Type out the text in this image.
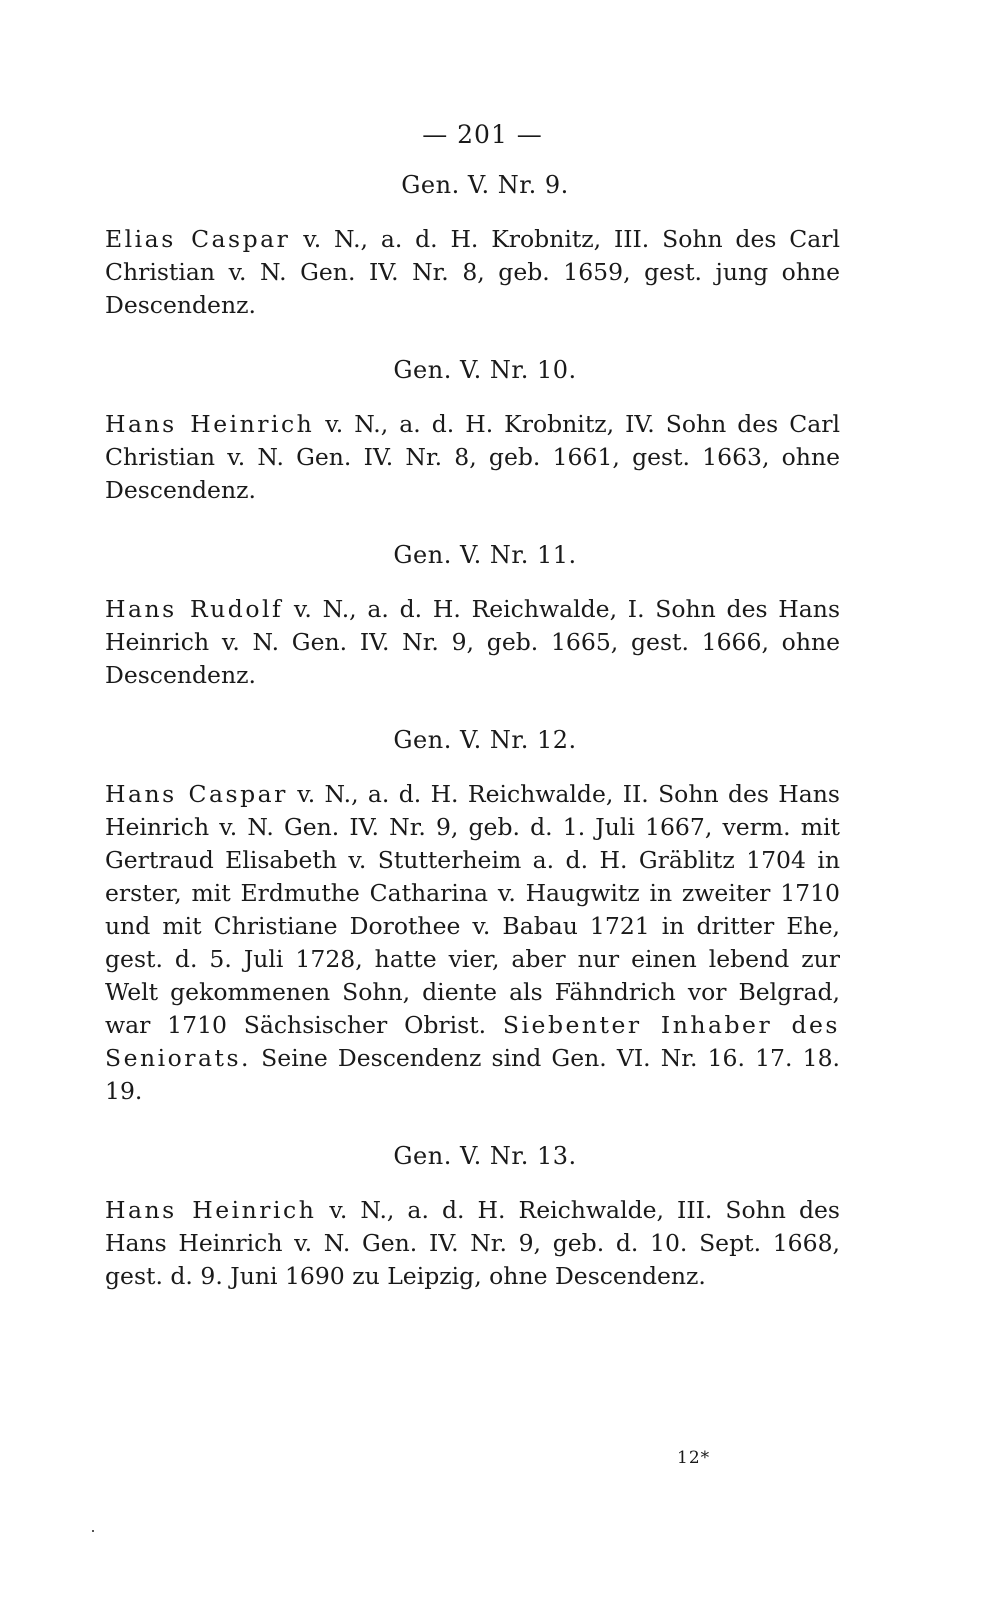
— 201 —
Gen. V. Nr. 9.

Elias Caspar v. N., a. d. H. Krobnitz, III. Sohn des Carl Christian v. N. Gen. IV. Nr. 8, geb. 1659, gest. jung ohne Descendenz.

Gen. V. Nr. 10.

Hans Heinrich v. N., a. d. H. Krobnitz, IV. Sohn des Carl Christian v. N. Gen. IV. Nr. 8, geb. 1661, gest. 1663, ohne Descendenz.

Gen. V. Nr. 11.

Hans Rudolf v. N., a. d. H. Reichwalde, I. Sohn des Hans Heinrich v. N. Gen. IV. Nr. 9, geb. 1665, gest. 1666, ohne Descendenz.

Gen. V. Nr. 12.

Hans Caspar v. N., a. d. H. Reichwalde, II. Sohn des Hans Heinrich v. N. Gen. IV. Nr. 9, geb. d. 1. Juli 1667, verm. mit Gertraud Elisabeth v. Stutterheim a. d. H. Gräblitz 1704 in erster, mit Erdmuthe Catharina v. Haugwitz in zweiter 1710 und mit Christiane Dorothee v. Babau 1721 in dritter Ehe, gest. d. 5. Juli 1728, hatte vier, aber nur einen lebend zur Welt gekommenen Sohn, diente als Fähndrich vor Belgrad, war 1710 Sächsischer Obrist. Siebenter Inhaber des Seniorats. Seine Descendenz sind Gen. VI. Nr. 16. 17. 18. 19.

Gen. V. Nr. 13.

Hans Heinrich v. N., a. d. H. Reichwalde, III. Sohn des Hans Heinrich v. N. Gen. IV. Nr. 9, geb. d. 10. Sept. 1668, gest. d. 9. Juni 1690 zu Leipzig, ohne Descendenz.

12*
